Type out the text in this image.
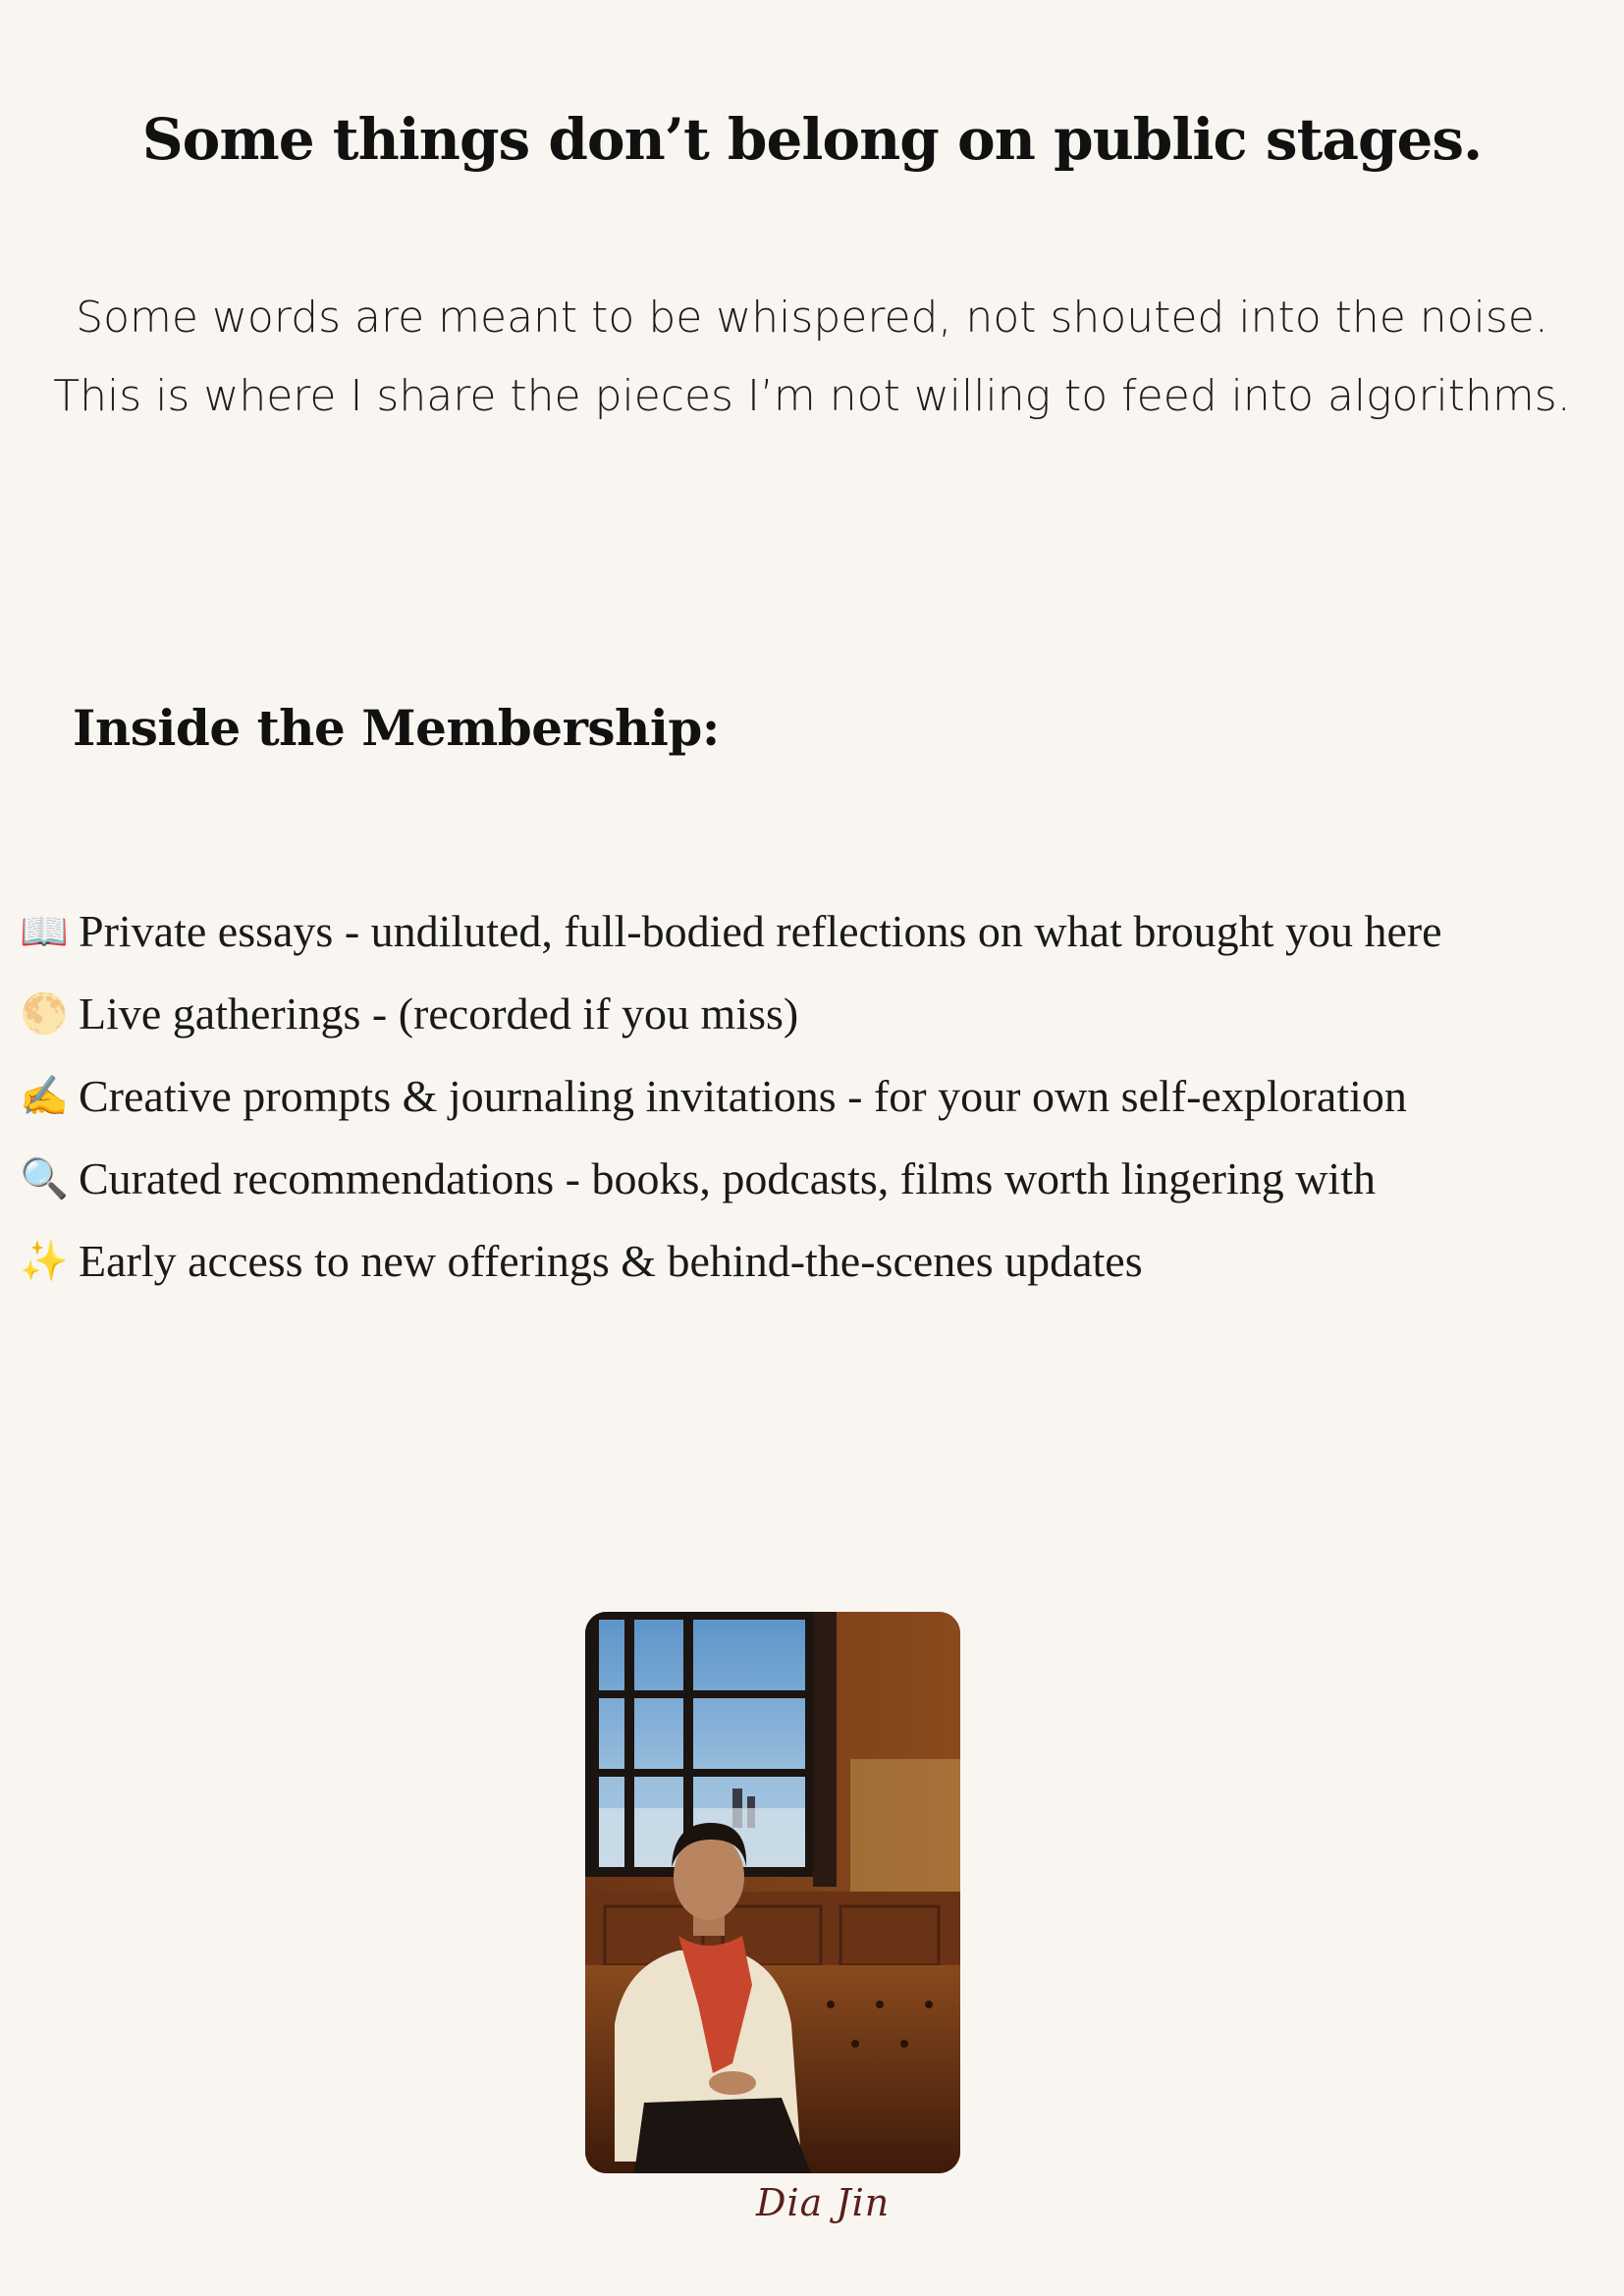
Some things don’t belong on public stages.

Some words are meant to be whispered, not shouted into the noise.

This is where I share the pieces I’m not willing to feed into algorithms.

Inside the Membership:
📖 Private essays - undiluted, full-bodied reflections on what brought you here
🌕 Live gatherings - (recorded if you miss)
✍️ Creative prompts & journaling invitations - for your own self-exploration
🔍 Curated recommendations - books, podcasts, films worth lingering with
✨ Early access to new offerings & behind-the-scenes updates
Dia Jin
